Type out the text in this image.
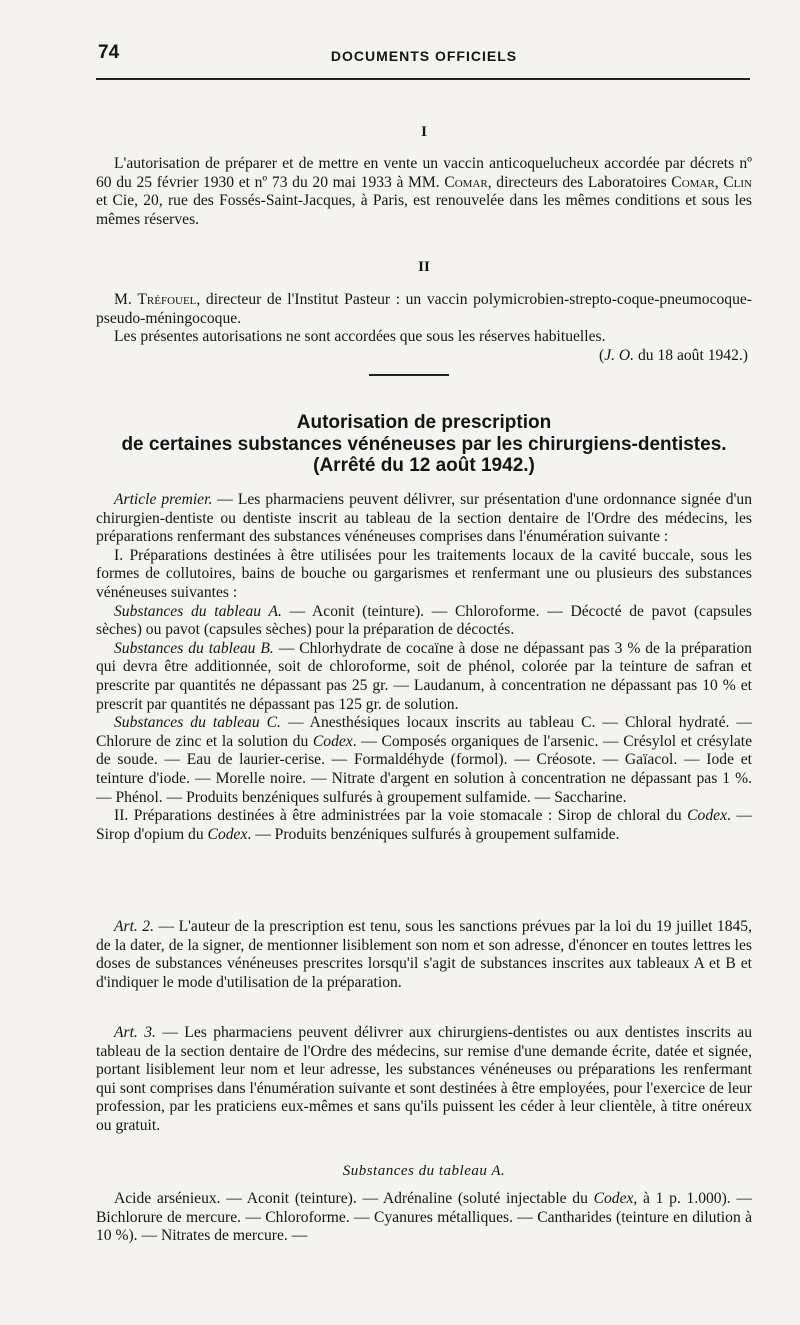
74	DOCUMENTS OFFICIELS
I

L'autorisation de préparer et de mettre en vente un vaccin anticoquelucheux accordée par décrets nº 60 du 25 février 1930 et nº 73 du 20 mai 1933 à MM. Comar, directeurs des Laboratoires Comar, Clin et Cie, 20, rue des Fossés-Saint-Jacques, à Paris, est renouvelée dans les mêmes conditions et sous les mêmes réserves.

II

M. Tréfouel, directeur de l'Institut Pasteur : un vaccin polymicrobien-strepto-coque-pneumocoque-pseudo-méningocoque.

Les présentes autorisations ne sont accordées que sous les réserves habituelles.

(J. O. du 18 août 1942.)

Autorisation de prescription
de certaines substances vénéneuses par les chirurgiens-dentistes.
(Arrêté du 12 août 1942.)

Article premier. — Les pharmaciens peuvent délivrer, sur présentation d'une ordonnance signée d'un chirurgien-dentiste ou dentiste inscrit au tableau de la section dentaire de l'Ordre des médecins, les préparations renfermant des substances vénéneuses comprises dans l'énumération suivante :

I. Préparations destinées à être utilisées pour les traitements locaux de la cavité buccale, sous les formes de collutoires, bains de bouche ou gargarismes et renfermant une ou plusieurs des substances vénéneuses suivantes :

Substances du tableau A. — Aconit (teinture). — Chloroforme. — Décocté de pavot (capsules sèches) ou pavot (capsules sèches) pour la préparation de décoctés.

Substances du tableau B. — Chlorhydrate de cocaïne à dose ne dépassant pas 3 % de la préparation qui devra être additionnée, soit de chloroforme, soit de phénol, colorée par la teinture de safran et prescrite par quantités ne dépassant pas 25 gr. — Laudanum, à concentration ne dépassant pas 10 % et prescrit par quantités ne dépassant pas 125 gr. de solution.

Substances du tableau C. — Anesthésiques locaux inscrits au tableau C. — Chloral hydraté. — Chlorure de zinc et la solution du Codex. — Composés organiques de l'arsenic. — Crésylol et crésylate de soude. — Eau de laurier-cerise. — Formaldéhyde (formol). — Créosote. — Gaïacol. — Iode et teinture d'iode. — Morelle noire. — Nitrate d'argent en solution à concentration ne dépassant pas 1 %. — Phénol. — Produits benzéniques sulfurés à groupement sulfamide. — Saccharine.

II. Préparations destinées à être administrées par la voie stomacale : Sirop de chloral du Codex. — Sirop d'opium du Codex. — Produits benzéniques sulfurés à groupement sulfamide.

Art. 2. — L'auteur de la prescription est tenu, sous les sanctions prévues par la loi du 19 juillet 1845, de la dater, de la signer, de mentionner lisiblement son nom et son adresse, d'énoncer en toutes lettres les doses de substances vénéneuses prescrites lorsqu'il s'agit de substances inscrites aux tableaux A et B et d'indiquer le mode d'utilisation de la préparation.

Art. 3. — Les pharmaciens peuvent délivrer aux chirurgiens-dentistes ou aux dentistes inscrits au tableau de la section dentaire de l'Ordre des médecins, sur remise d'une demande écrite, datée et signée, portant lisiblement leur nom et leur adresse, les substances vénéneuses ou préparations les renfermant qui sont comprises dans l'énumération suivante et sont destinées à être employées, pour l'exercice de leur profession, par les praticiens eux-mêmes et sans qu'ils puissent les céder à leur clientèle, à titre onéreux ou gratuit.

Substances du tableau A.

Acide arsénieux. — Aconit (teinture). — Adrénaline (soluté injectable du Codex, à 1 p. 1.000). — Bichlorure de mercure. — Chloroforme. — Cyanures métalliques. — Cantharides (teinture en dilution à 10 %). — Nitrates de mercure. —
